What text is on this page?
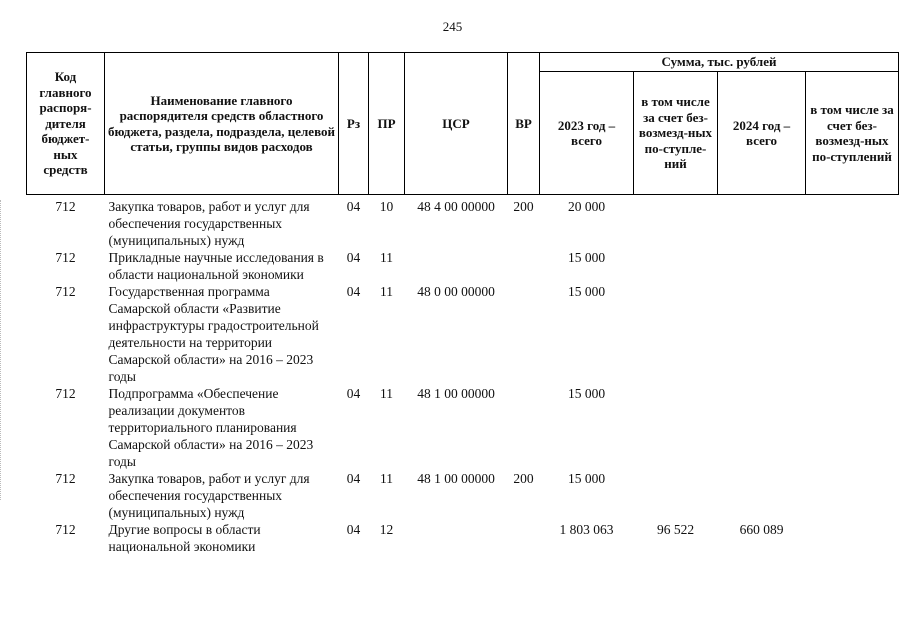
245
Код главного распоря-дителя бюджет-ных средств	Наименование главного распорядителя средств областного бюджета, раздела, подраздела, целевой статьи, группы видов расходов	Рз	ПР	ЦСР	ВР	Сумма, тыс. рублей			
						2023 год – всего	в том числе за счет без-возмезд-ных по-ступле-ний	2024 год – всего	в том числе за счет без-возмезд-ных по-ступлений
712	Закупка товаров, работ и услуг для обеспечения государственных (муниципальных) нужд	04	10	48 4 00 00000	200	20 000			
712	Прикладные научные исследования в области национальной экономики	04	11			15 000			
712	Государственная программа Самарской области «Развитие инфраструктуры градостроительной деятельности на территории Самарской области» на 2016 – 2023 годы	04	11	48 0 00 00000		15 000			
712	Подпрограмма «Обеспечение реализации документов территориального планирования Самарской области» на 2016 – 2023 годы	04	11	48 1 00 00000		15 000			
712	Закупка товаров, работ и услуг для обеспечения государственных (муниципальных) нужд	04	11	48 1 00 00000	200	15 000			
712	Другие вопросы в области национальной экономики	04	12			1 803 063	96 522	660 089	
